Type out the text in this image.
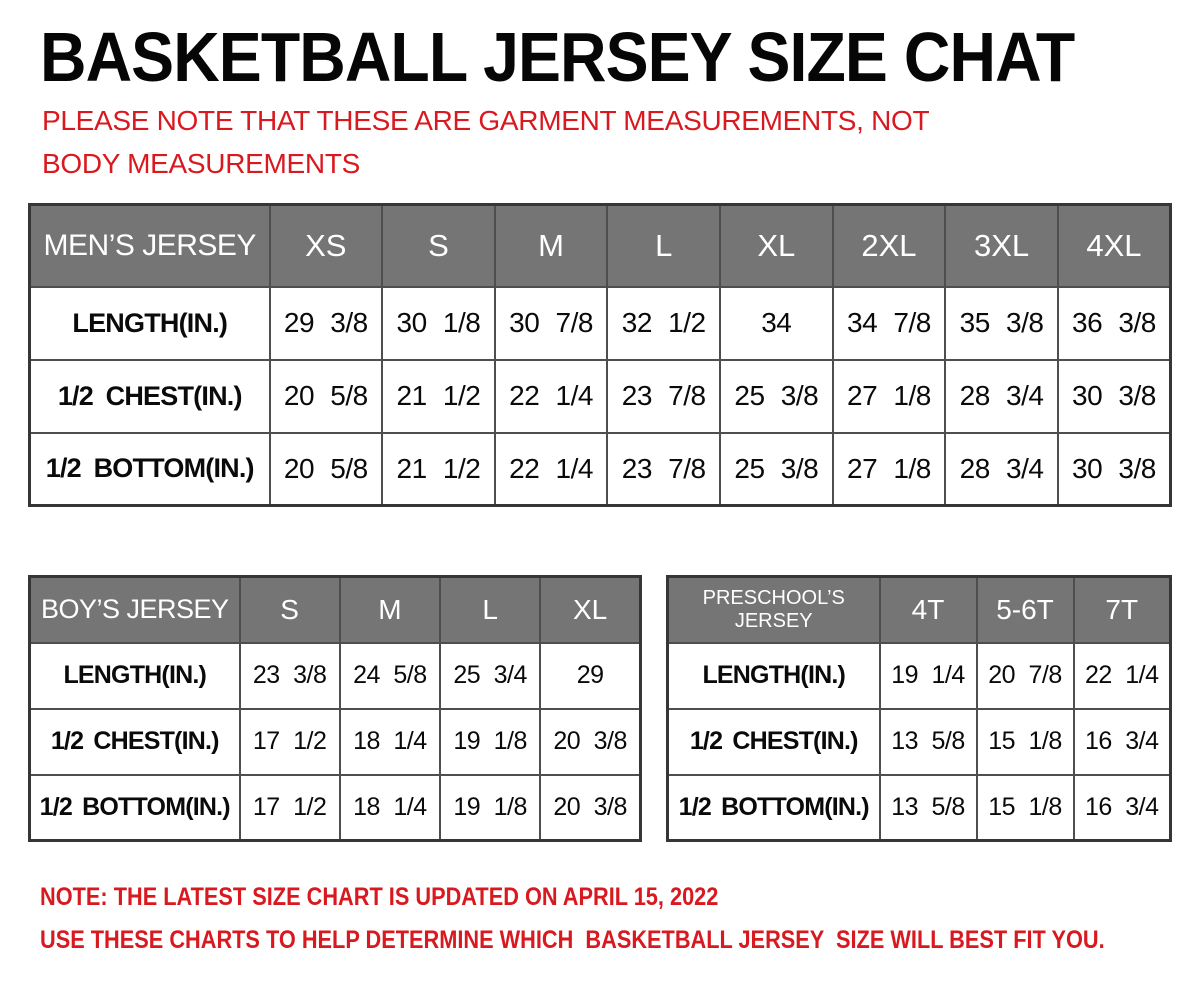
BASKETBALL JERSEY SIZE CHAT

PLEASE NOTE THAT THESE ARE GARMENT MEASUREMENTS, NOT BODY MEASUREMENTS

MEN’S JERSEY	XS	S	M	L	XL	2XL	3XL	4XL
LENGTH(IN.)	29 3/8	30 1/8	30 7/8	32 1/2	34	34 7/8	35 3/8	36 3/8
1/2 CHEST(IN.)	20 5/8	21 1/2	22 1/4	23 7/8	25 3/8	27 1/8	28 3/4	30 3/8
1/2 BOTTOM(IN.)	20 5/8	21 1/2	22 1/4	23 7/8	25 3/8	27 1/8	28 3/4	30 3/8
BOY’S JERSEY	S	M	L	XL
LENGTH(IN.)	23 3/8	24 5/8	25 3/4	29
1/2 CHEST(IN.)	17 1/2	18 1/4	19 1/8	20 3/8
1/2 BOTTOM(IN.)	17 1/2	18 1/4	19 1/8	20 3/8
PRESCHOOL’S JERSEY	4T	5-6T	7T
LENGTH(IN.)	19 1/4	20 7/8	22 1/4
1/2 CHEST(IN.)	13 5/8	15 1/8	16 3/4
1/2 BOTTOM(IN.)	13 5/8	15 1/8	16 3/4

NOTE: THE LATEST SIZE CHART IS UPDATED ON APRIL 15, 2022

USE THESE CHARTS TO HELP DETERMINE WHICH  BASKETBALL JERSEY  SIZE WILL BEST FIT YOU.
